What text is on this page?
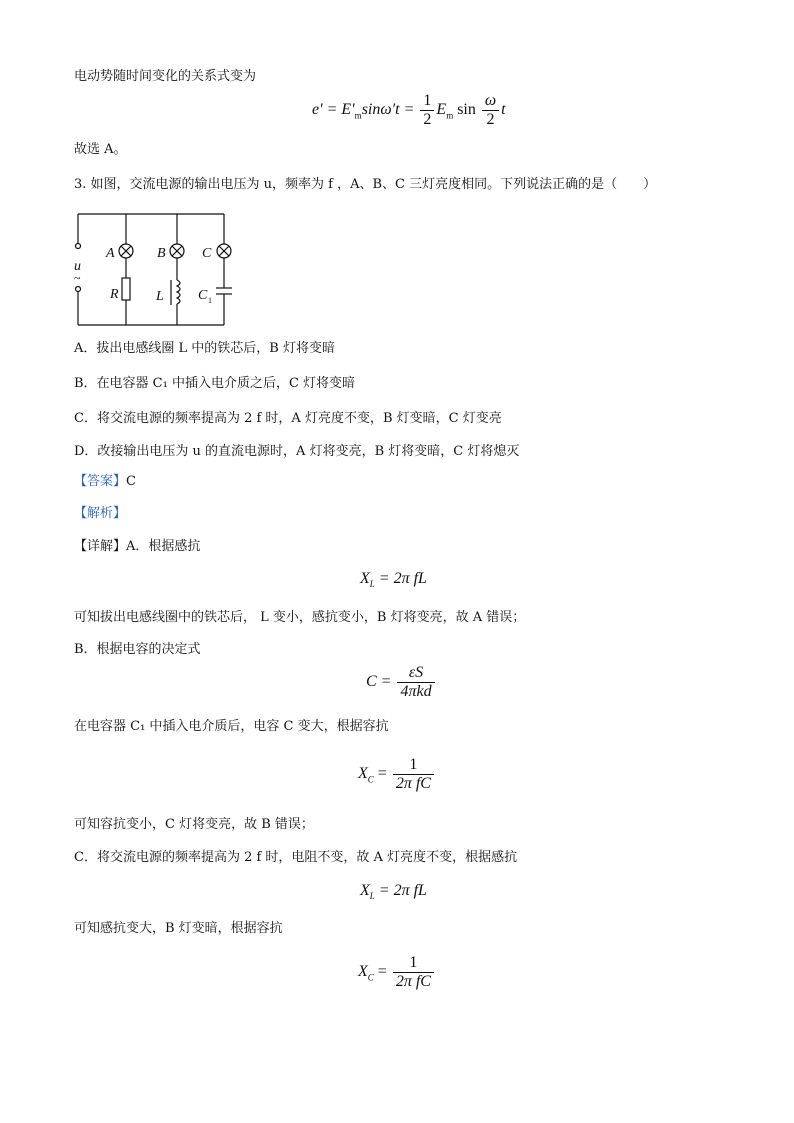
电动势随时间变化的关系式变为
$e' = E'_m\sin\omega't = \frac{1}{2} E_m$ $\sin \frac{\omega}{2}$ t
故选 A。
3. 如图，交流电源的输出电压为 u，频率为 f ，A、B、C 三灯亮度相同。下列说法正确的是（　　）
u
A	B	C
R	L C
~
1
A．拔出电感线圈 L 中的铁芯后，B 灯将变暗
B．在电容器 C₁ 中插入电介质之后，C 灯将变暗
C．将交流电源的频率提高为 2 f 时，A 灯亮度不变，B 灯变暗，C 灯变亮
D．改接输出电压为 u 的直流电源时，A 灯将变亮，B 灯将变暗，C 灯将熄灭
【答案】C
【解析】
【详解】A．根据感抗
$X_L = 2\pi$ fL
可知拔出电感线圈中的铁芯后， L 变小，感抗变小，B 灯将变亮，故 A 错误；
B．根据电容的决定式
$C = \frac{\varepsilon S}{\text{4πkd}}$
在电容器 C₁ 中插入电介质后，电容 C 变大，根据容抗
$X_C = \frac{1}{\text{2π fC}}$
可知容抗变小，C 灯将变亮，故 B 错误；
C．将交流电源的频率提高为 2 f 时，电阻不变，故 A 灯亮度不变，根据感抗
$X_L = 2\pi$ fL
可知感抗变大，B 灯变暗，根据容抗
$X_C = \frac{1}{\text{2π fC}}$
